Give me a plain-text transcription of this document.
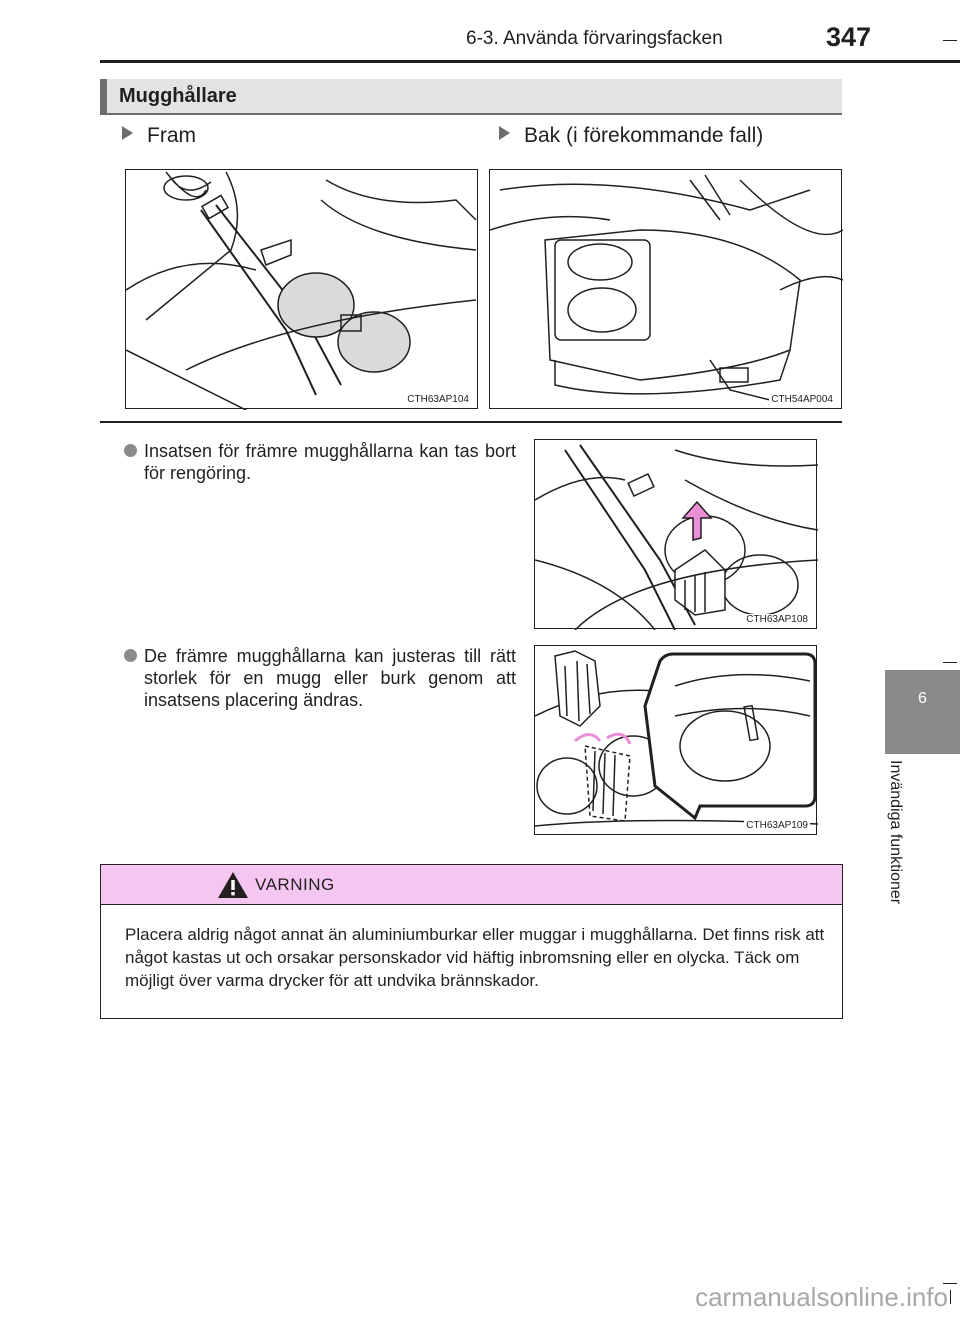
6-3. Använda förvaringsfacken	347
6
Invändiga funktioner
Mugghållare
Fram	Bak (i förekommande fall)
CTH63AP104	CTH54AP004
Insatsen för främre mugghållarna kan tas bort för rengöring.
CTH63AP108
De främre mugghållarna kan justeras till rätt storlek för en mugg eller burk genom att insatsens placering ändras.
CTH63AP109
VARNING
Placera aldrig något annat än aluminiumburkar eller muggar i mugghållarna. Det finns risk att något kastas ut och orsakar personskador vid häftig inbromsning eller en olycka. Täck om möjligt över varma drycker för att undvika brännskador.
carmanualsonline.info
